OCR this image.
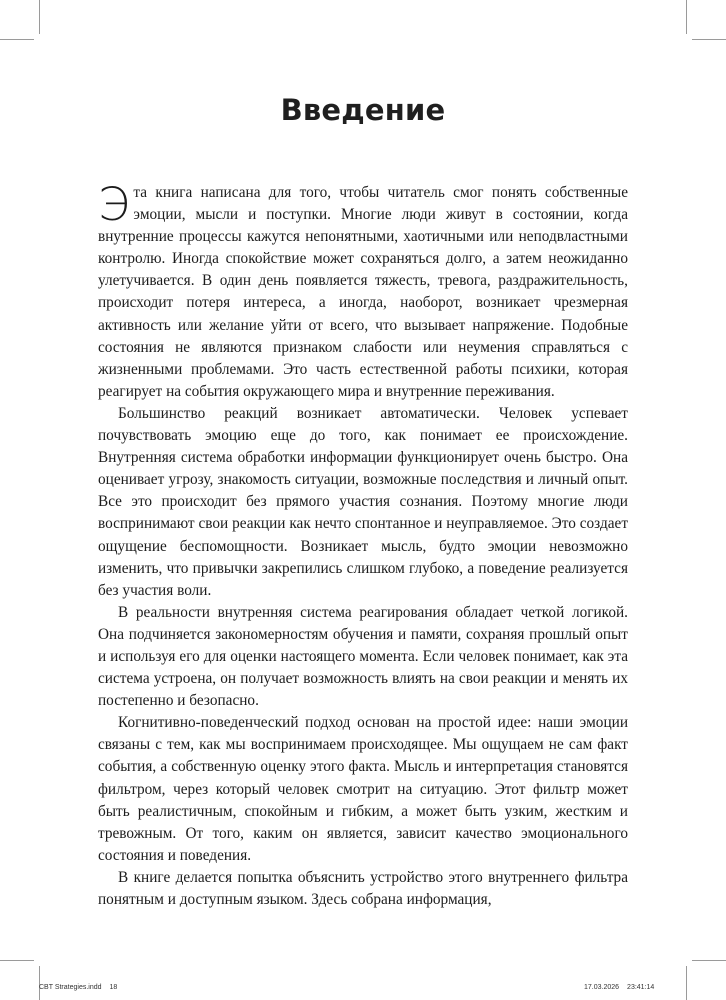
Введение

Эта книга написана для того, чтобы читатель смог понять собственные эмоции, мысли и поступки. Многие люди живут в состоянии, когда внутренние процессы кажутся непонятными, хаотичными или неподвластными контролю. Иногда спокойствие может сохраняться долго, а затем неожиданно улетучивается. В один день появляется тяжесть, тревога, раздражительность, происходит потеря интереса, а иногда, наоборот, возникает чрезмерная активность или желание уйти от всего, что вызывает напряжение. Подобные состояния не являются признаком слабости или неумения справляться с жизненными проблемами. Это часть естественной работы психики, которая реагирует на события окружающего мира и внутренние переживания.

Большинство реакций возникает автоматически. Человек успевает почувствовать эмоцию еще до того, как понимает ее происхождение. Внутренняя система обработки информации функционирует очень быстро. Она оценивает угрозу, знакомость ситуации, возможные последствия и личный опыт. Все это происходит без прямого участия сознания. Поэтому многие люди воспринимают свои реакции как нечто спонтанное и неуправляемое. Это создает ощущение беспомощности. Возникает мысль, будто эмоции невозможно изменить, что привычки закрепились слишком глубоко, а поведение реализуется без участия воли.

В реальности внутренняя система реагирования обладает четкой логикой. Она подчиняется закономерностям обучения и памяти, сохраняя прошлый опыт и используя его для оценки настоящего момента. Если человек понимает, как эта система устроена, он получает возможность влиять на свои реакции и менять их постепенно и безопасно.

Когнитивно-поведенческий подход основан на простой идее: наши эмоции связаны с тем, как мы воспринимаем происходящее. Мы ощущаем не сам факт события, а собственную оценку этого факта. Мысль и интерпретация становятся фильтром, через который человек смотрит на ситуацию. Этот фильтр может быть реалистичным, спокойным и гибким, а может быть узким, жестким и тревожным. От того, каким он является, зависит качество эмоционального состояния и поведения.

В книге делается попытка объяснить устройство этого внутреннего фильтра понятным и доступным языком. Здесь собрана информация,

CBT Strategies.indd 18	17.03.2026 23:41:14
